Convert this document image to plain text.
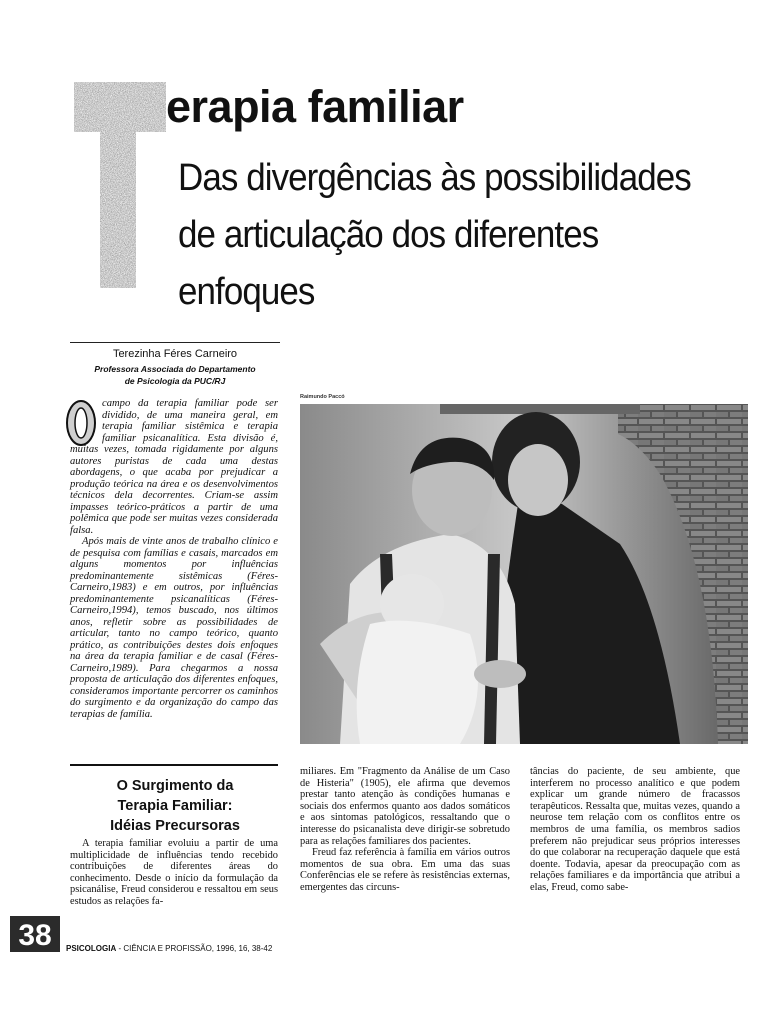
erapia familiar

Das divergências às possibilidades de articulação dos diferentes enfoques

Terezinha Féres Carneiro
Professora Associada do Departamento
de Psicologia da PUC/RJ

campo da terapia familiar pode ser dividido, de uma maneira geral, em terapia familiar sistêmica e terapia familiar psicanalítica. Esta divisão é, muitas vezes, tomada rigidamente por alguns autores puristas de cada uma destas abordagens, o que acaba por prejudicar a produção teórica na área e os desenvolvimentos técnicos dela decorrentes. Criam-se assim impasses teórico-práticos a partir de uma polêmica que pode ser muitas vezes considerada falsa.

Após mais de vinte anos de trabalho clínico e de pesquisa com famílias e casais, marcados em alguns momentos por influências predominantemente sistêmicas (Féres-Carneiro,1983) e em outros, por influências predominantemente psicanalíticas (Féres-Carneiro,1994), temos buscado, nos últimos anos, refletir sobre as possibilidades de articular, tanto no campo teórico, quanto prático, as contribuições destes dois enfoques na área da terapia familiar e de casal (Féres-Carneiro,1989). Para chegarmos a nossa proposta de articulação dos diferentes enfoques, consideramos importante percorrer os caminhos do surgimento e da organização do campo das terapias de família.

O Surgimento da
Terapia Familiar:
Idéias Precursoras

A terapia familiar evoluiu a partir de uma multiplicidade de influências tendo recebido contribuições de diferentes áreas do conhecimento. Desde o início da formulação da psicanálise, Freud considerou e ressaltou em seus estudos as relações fa-

miliares. Em "Fragmento da Análise de um Caso de Histeria" (1905), ele afirma que devemos prestar tanto atenção às condições humanas e sociais dos enfermos quanto aos dados somáticos e aos sintomas patológicos, ressaltando que o interesse do psicanalista deve dirigir-se sobretudo para as relações familiares dos pacientes.

Freud faz referência à família em vários outros momentos de sua obra. Em uma das suas Conferências ele se refere às resistências externas, emergentes das circuns-

tâncias do paciente, de seu ambiente, que interferem no processo analítico e que podem explicar um grande número de fracassos terapêuticos. Ressalta que, muitas vezes, quando a neurose tem relação com os conflitos entre os membros de uma família, os membros sadios preferem não prejudicar seus próprios interesses do que colaborar na recuperação daquele que está doente. Todavia, apesar da preocupação com as relações familiares e da importância que atribui a elas, Freud, como sabe-

Raimundo Paccó
38 PSICOLOGIA - CIÊNCIA E PROFISSÃO, 1996, 16, 38-42
